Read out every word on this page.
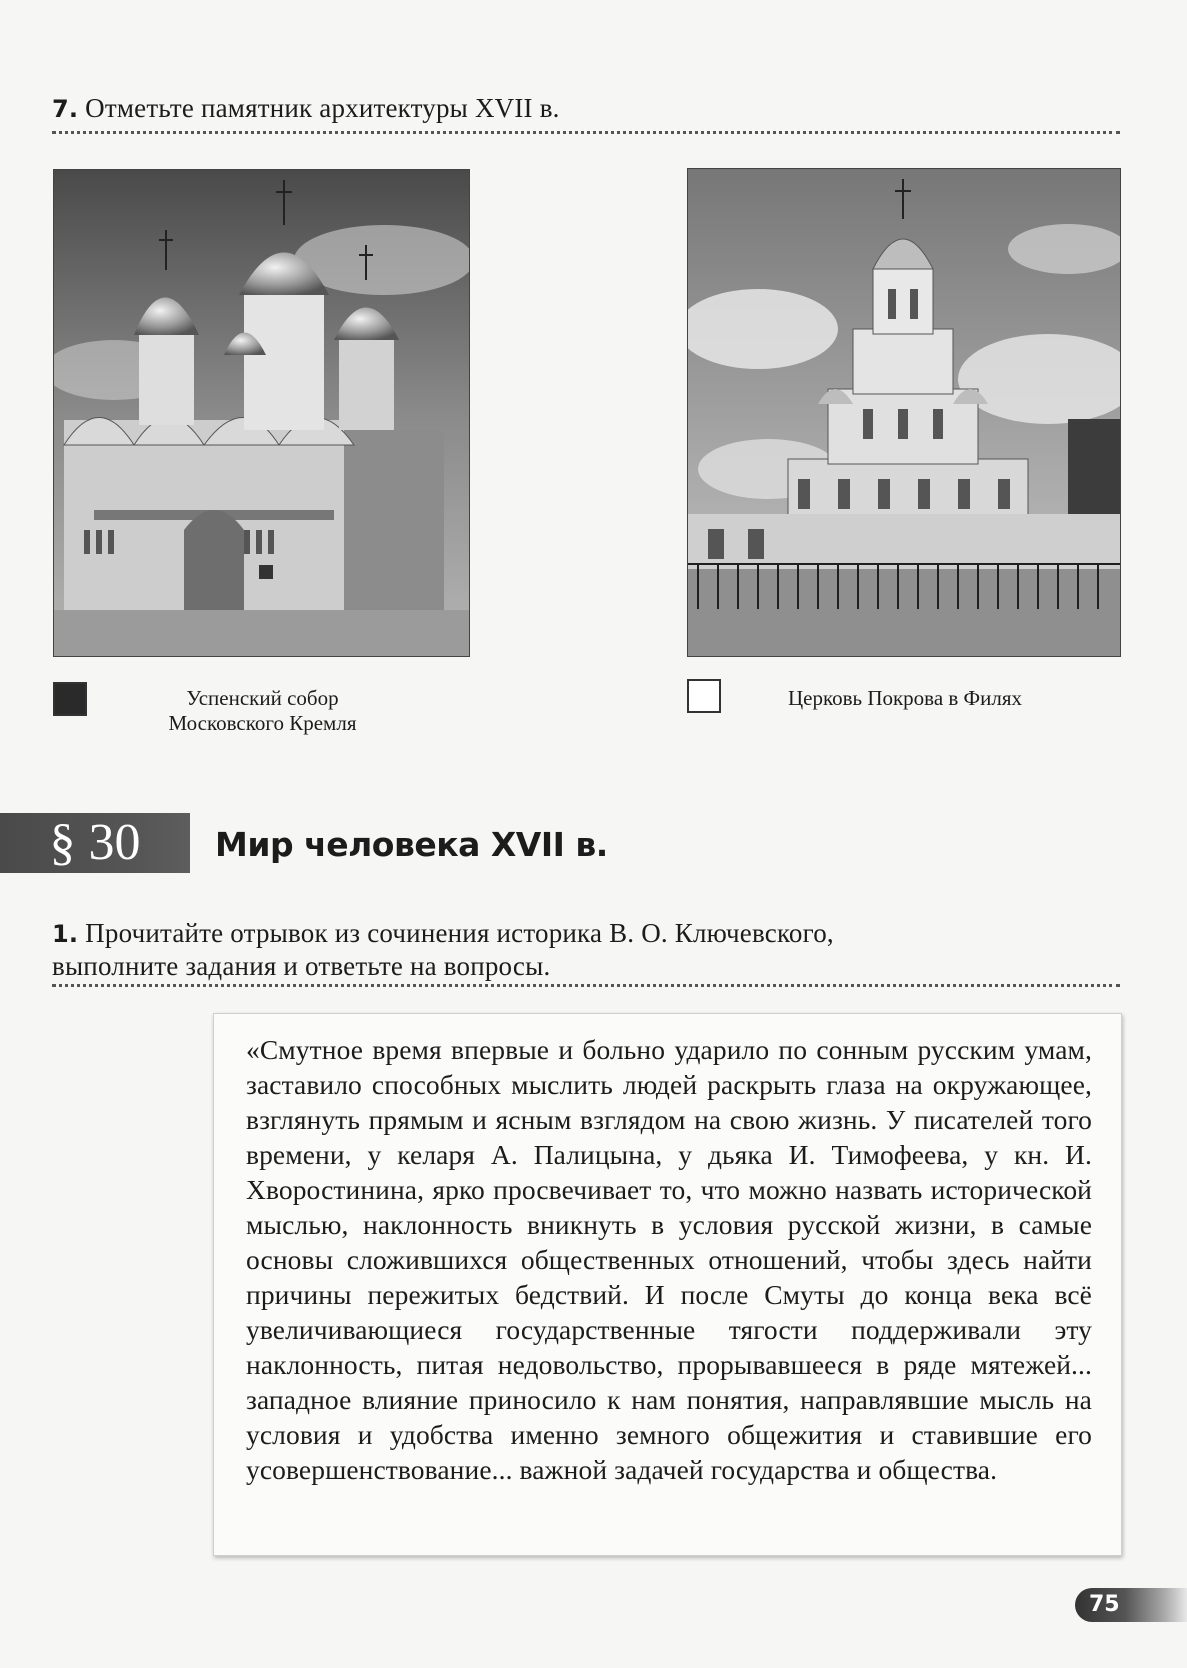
7. Отметьте памятник архитектуры XVII в.
Успенский собор
Московского Кремля
Церковь Покрова в Филях
§ 30	Мир человека XVII в.
1. Прочитайте отрывок из сочинения историка В. О. Ключевского,
выполните задания и ответьте на вопросы.
«Смутное время впервые и больно ударило по сонным русским умам, заставило способных мыслить людей раскрыть глаза на окружающее, взглянуть прямым и ясным взглядом на свою жизнь. У писателей того времени, у келаря А. Палицына, у дьяка И. Тимофеева, у кн. И. Хворостинина, ярко просвечивает то, что можно назвать исторической мыслью, наклонность вникнуть в условия русской жизни, в самые основы сложившихся общественных отношений, чтобы здесь найти причины пережитых бедствий. И после Смуты до конца века всё увеличивающиеся государственные тягости поддерживали эту наклонность, питая недовольство, прорывавшееся в ряде мятежей... западное влияние приносило к нам понятия, направлявшие мысль на условия и удобства именно земного общежития и ставившие его усовершенствование... важной задачей государства и общества.
75
